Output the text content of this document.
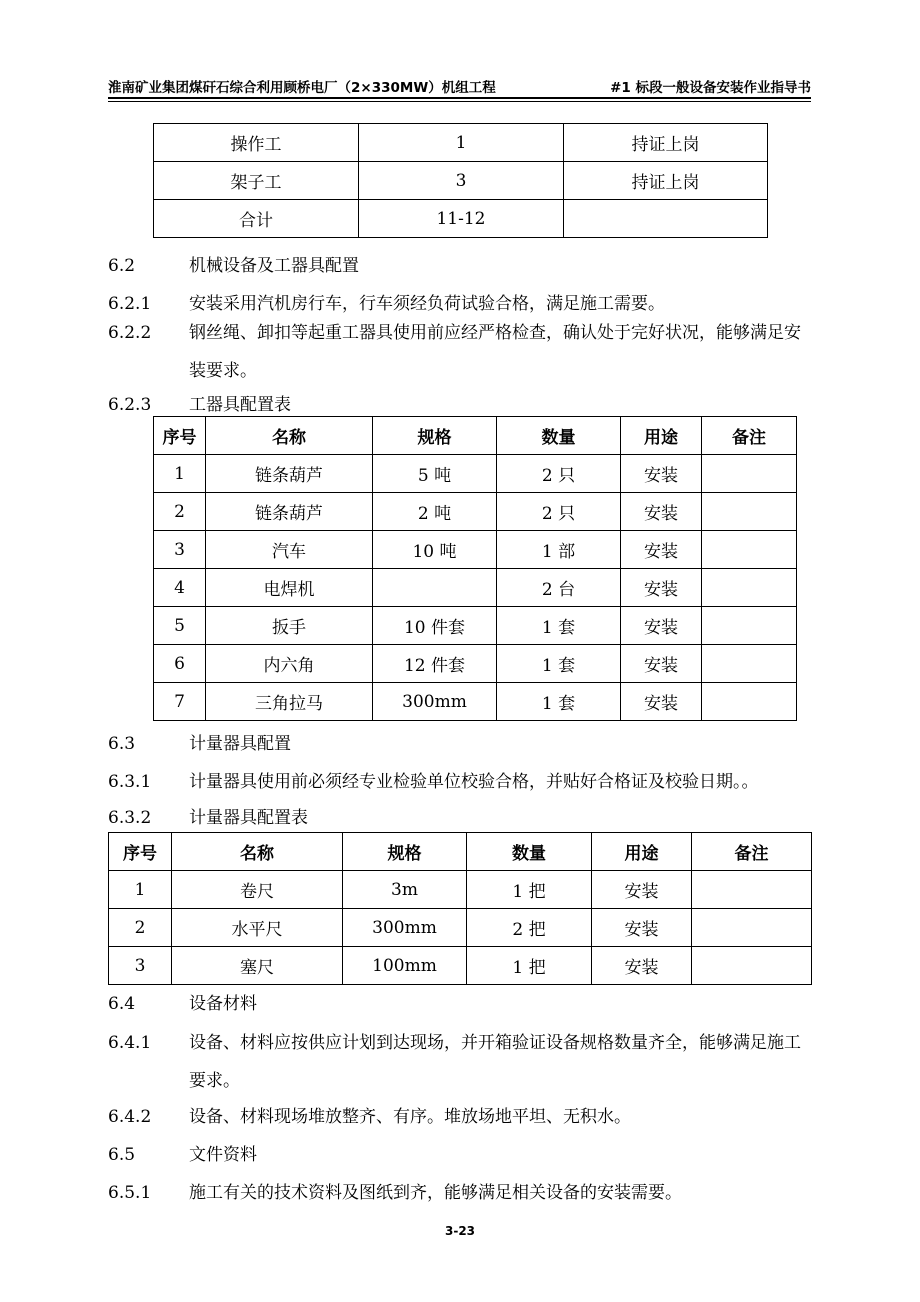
淮南矿业集团煤矸石综合利用顾桥电厂（2×330MW）机组工程	#1 标段一般设备安装作业指导书
操作工	1	持证上岗
架子工	3	持证上岗
合计	11-12	
6.2	机械设备及工器具配置
6.2.1 安装采用汽机房行车，行车须经负荷试验合格，满足施工需要。
6.2.2 钢丝绳、卸扣等起重工器具使用前应经严格检查，确认处于完好状况，能够满足安装要求。
6.2.3 工器具配置表
序号	名称	规格	数量	用途	备注
1	链条葫芦	5 吨	2 只	安装	
2	链条葫芦	2 吨	2 只	安装	
3	汽车	10 吨	1 部	安装	
4	电焊机		2 台	安装	
5	扳手	10 件套	1 套	安装	
6	内六角	12 件套	1 套	安装	
7	三角拉马	300mm	1 套	安装	
6.3	计量器具配置
6.3.1 计量器具使用前必须经专业检验单位校验合格，并贴好合格证及校验日期。。
6.3.2 计量器具配置表
序号	名称	规格	数量	用途	备注
1	卷尺	3m	1 把	安装	
2	水平尺	300mm	2 把	安装	
3	塞尺	100mm	1 把	安装	
6.4	设备材料
6.4.1 设备、材料应按供应计划到达现场，并开箱验证设备规格数量齐全，能够满足施工要求。
6.4.2 设备、材料现场堆放整齐、有序。堆放场地平坦、无积水。
6.5	文件资料
6.5.1 施工有关的技术资料及图纸到齐，能够满足相关设备的安装需要。
3-23
